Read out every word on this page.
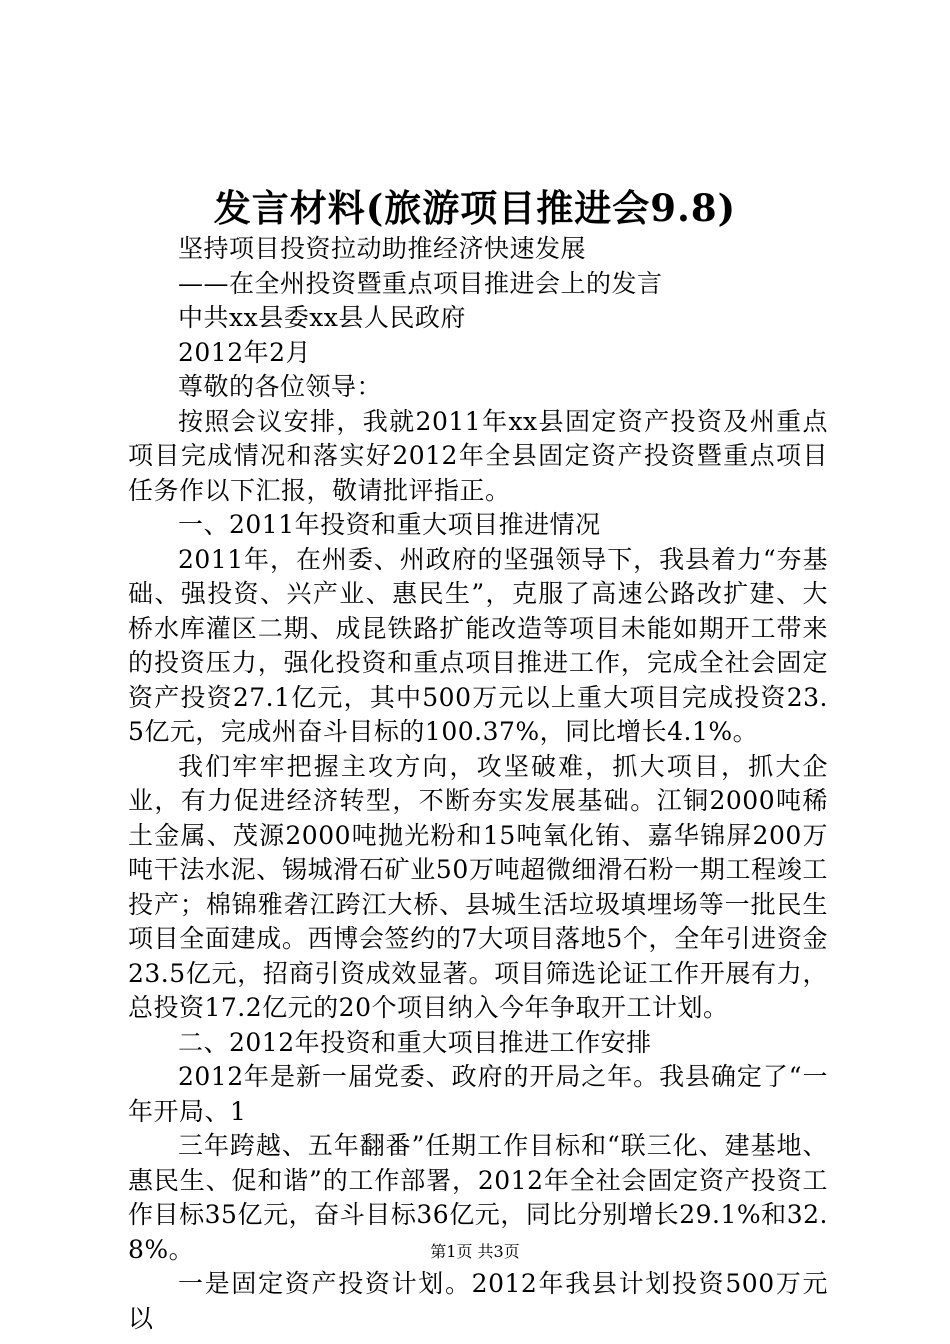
发言材料(旅游项目推进会9.8)

坚持项目投资拉动助推经济快速发展

——在全州投资暨重点项目推进会上的发言

中共xx县委xx县人民政府

2012年2月

尊敬的各位领导：

按照会议安排，我就2011年xx县固定资产投资及州重点项目完成情况和落实好2012年全县固定资产投资暨重点项目任务作以下汇报，敬请批评指正。

一、2011年投资和重大项目推进情况

2011年，在州委、州政府的坚强领导下，我县着力“夯基础、强投资、兴产业、惠民生”，克服了高速公路改扩建、大桥水库灌区二期、成昆铁路扩能改造等项目未能如期开工带来的投资压力，强化投资和重点项目推进工作，完成全社会固定资产投资27.1亿元，其中500万元以上重大项目完成投资23.5亿元，完成州奋斗目标的100.37%，同比增长4.1%。

我们牢牢把握主攻方向，攻坚破难，抓大项目，抓大企业，有力促进经济转型，不断夯实发展基础。江铜2000吨稀土金属、茂源2000吨抛光粉和15吨氧化铕、嘉华锦屏200万吨干法水泥、锡城滑石矿业50万吨超微细滑石粉一期工程竣工投产；棉锦雅砻江跨江大桥、县城生活垃圾填埋场等一批民生项目全面建成。西博会签约的7大项目落地5个，全年引进资金23.5亿元，招商引资成效显著。项目筛选论证工作开展有力，总投资17.2亿元的20个项目纳入今年争取开工计划。

二、2012年投资和重大项目推进工作安排

2012年是新一届党委、政府的开局之年。我县确定了“一年开局、1

三年跨越、五年翻番”任期工作目标和“联三化、建基地、惠民生、促和谐”的工作部署，2012年全社会固定资产投资工作目标35亿元，奋斗目标36亿元，同比分别增长29.1%和32.8%。

一是固定资产投资计划。2012年我县计划投资500万元以

第1页 共3页
